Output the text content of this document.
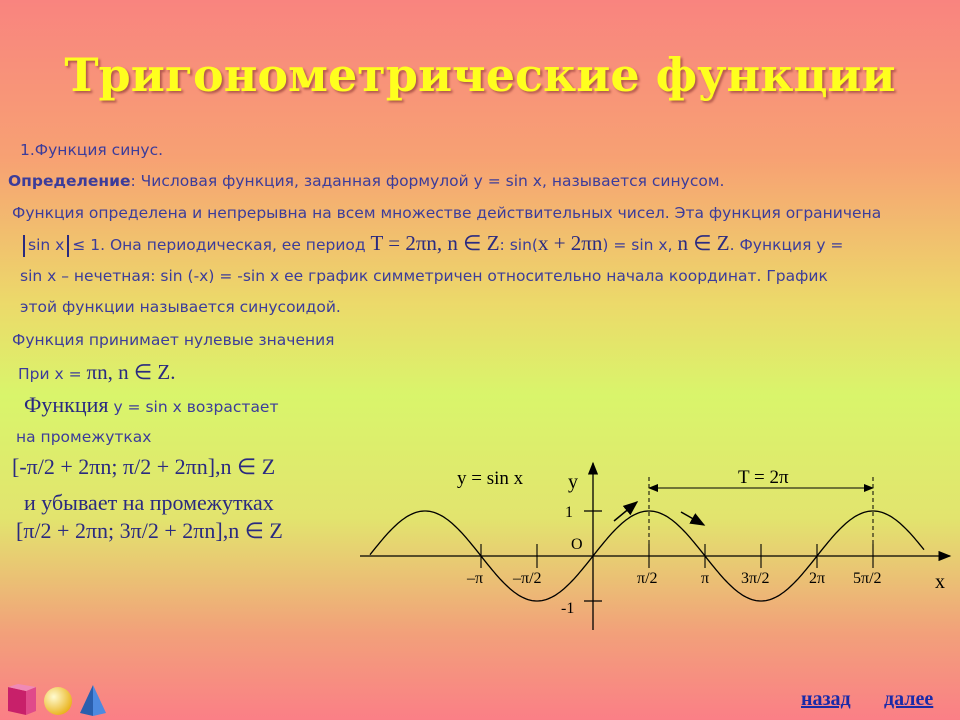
Тригонометрические функции
1.Функция синус.
Определение: Числовая функция, заданная формулой y = sin x, называется синусом.
Функция определена и непрерывна на всем множестве действительных чисел. Эта функция ограничена
sin x ≤ 1. Она периодическая, ее период T = 2πn, n ∈ Z: sin(x + 2πn) = sin x, n ∈ Z. Функция y =
sin x – нечетная: sin (-x) = -sin x ее график симметричен относительно начала координат. График
этой функции называется синусоидой.
Функция принимает нулевые значения
При x = πn, n ∈ Z.
Функция y = sin x возрастает
на промежутках
[-π/2 + 2πn; π/2 + 2πn],n ∈ Z
и убывает на промежутках
[π/2 + 2πn; 3π/2 + 2πn],n ∈ Z
y = sin x	T = 2π
y
x
O
1
-1
–π –π/2	π/2	π 3π/2 2π 5π/2
назад далее
